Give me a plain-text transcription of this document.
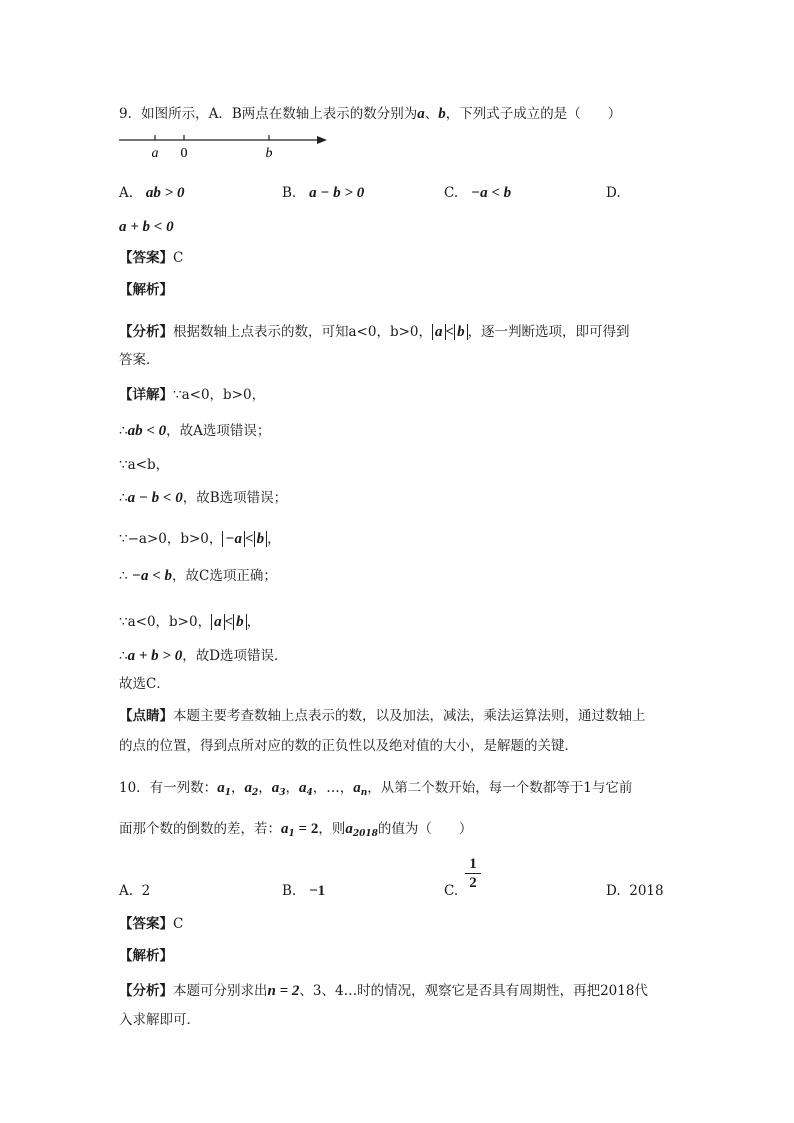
9．如图所示，A．B两点在数轴上表示的数分别为a、b，下列式子成立的是（　　）
a 0	b
A. ab > 0	B. a − b > 0	C. −a < b	D.
a + b < 0
【答案】C
【解析】
【分析】根据数轴上点表示的数，可知a<0，b>0， a < b ，逐一判断选项，即可得到
答案．
【详解】∵a<0，b>0，
∴ab < 0，故A选项错误；
∵a<b，
∴a − b < 0，故B选项错误；
∵−a>0，b>0， −a < b ，
∴ −a < b，故C选项正确；
∵a<0，b>0， a < b ，
∴a + b > 0，故D选项错误．
故选C．
【点睛】本题主要考查数轴上点表示的数，以及加法，减法，乘法运算法则，通过数轴上
的点的位置，得到点所对应的数的正负性以及绝对值的大小，是解题的关键．
10．有一列数：$a_1$，$a_2$，$a_3$，$a_4$，…，$a_n$，从第二个数开始，每一个数都等于1与它前
面那个数的倒数的差，若：$a_1 = 2$，则$a_{2018}$的值为（　　）
A. 2	B. −1	C.
1
2	D. 2018
【答案】C
【解析】
【分析】本题可分别求出n = 2、3、4…时的情况，观察它是否具有周期性，再把2018代
入求解即可．
